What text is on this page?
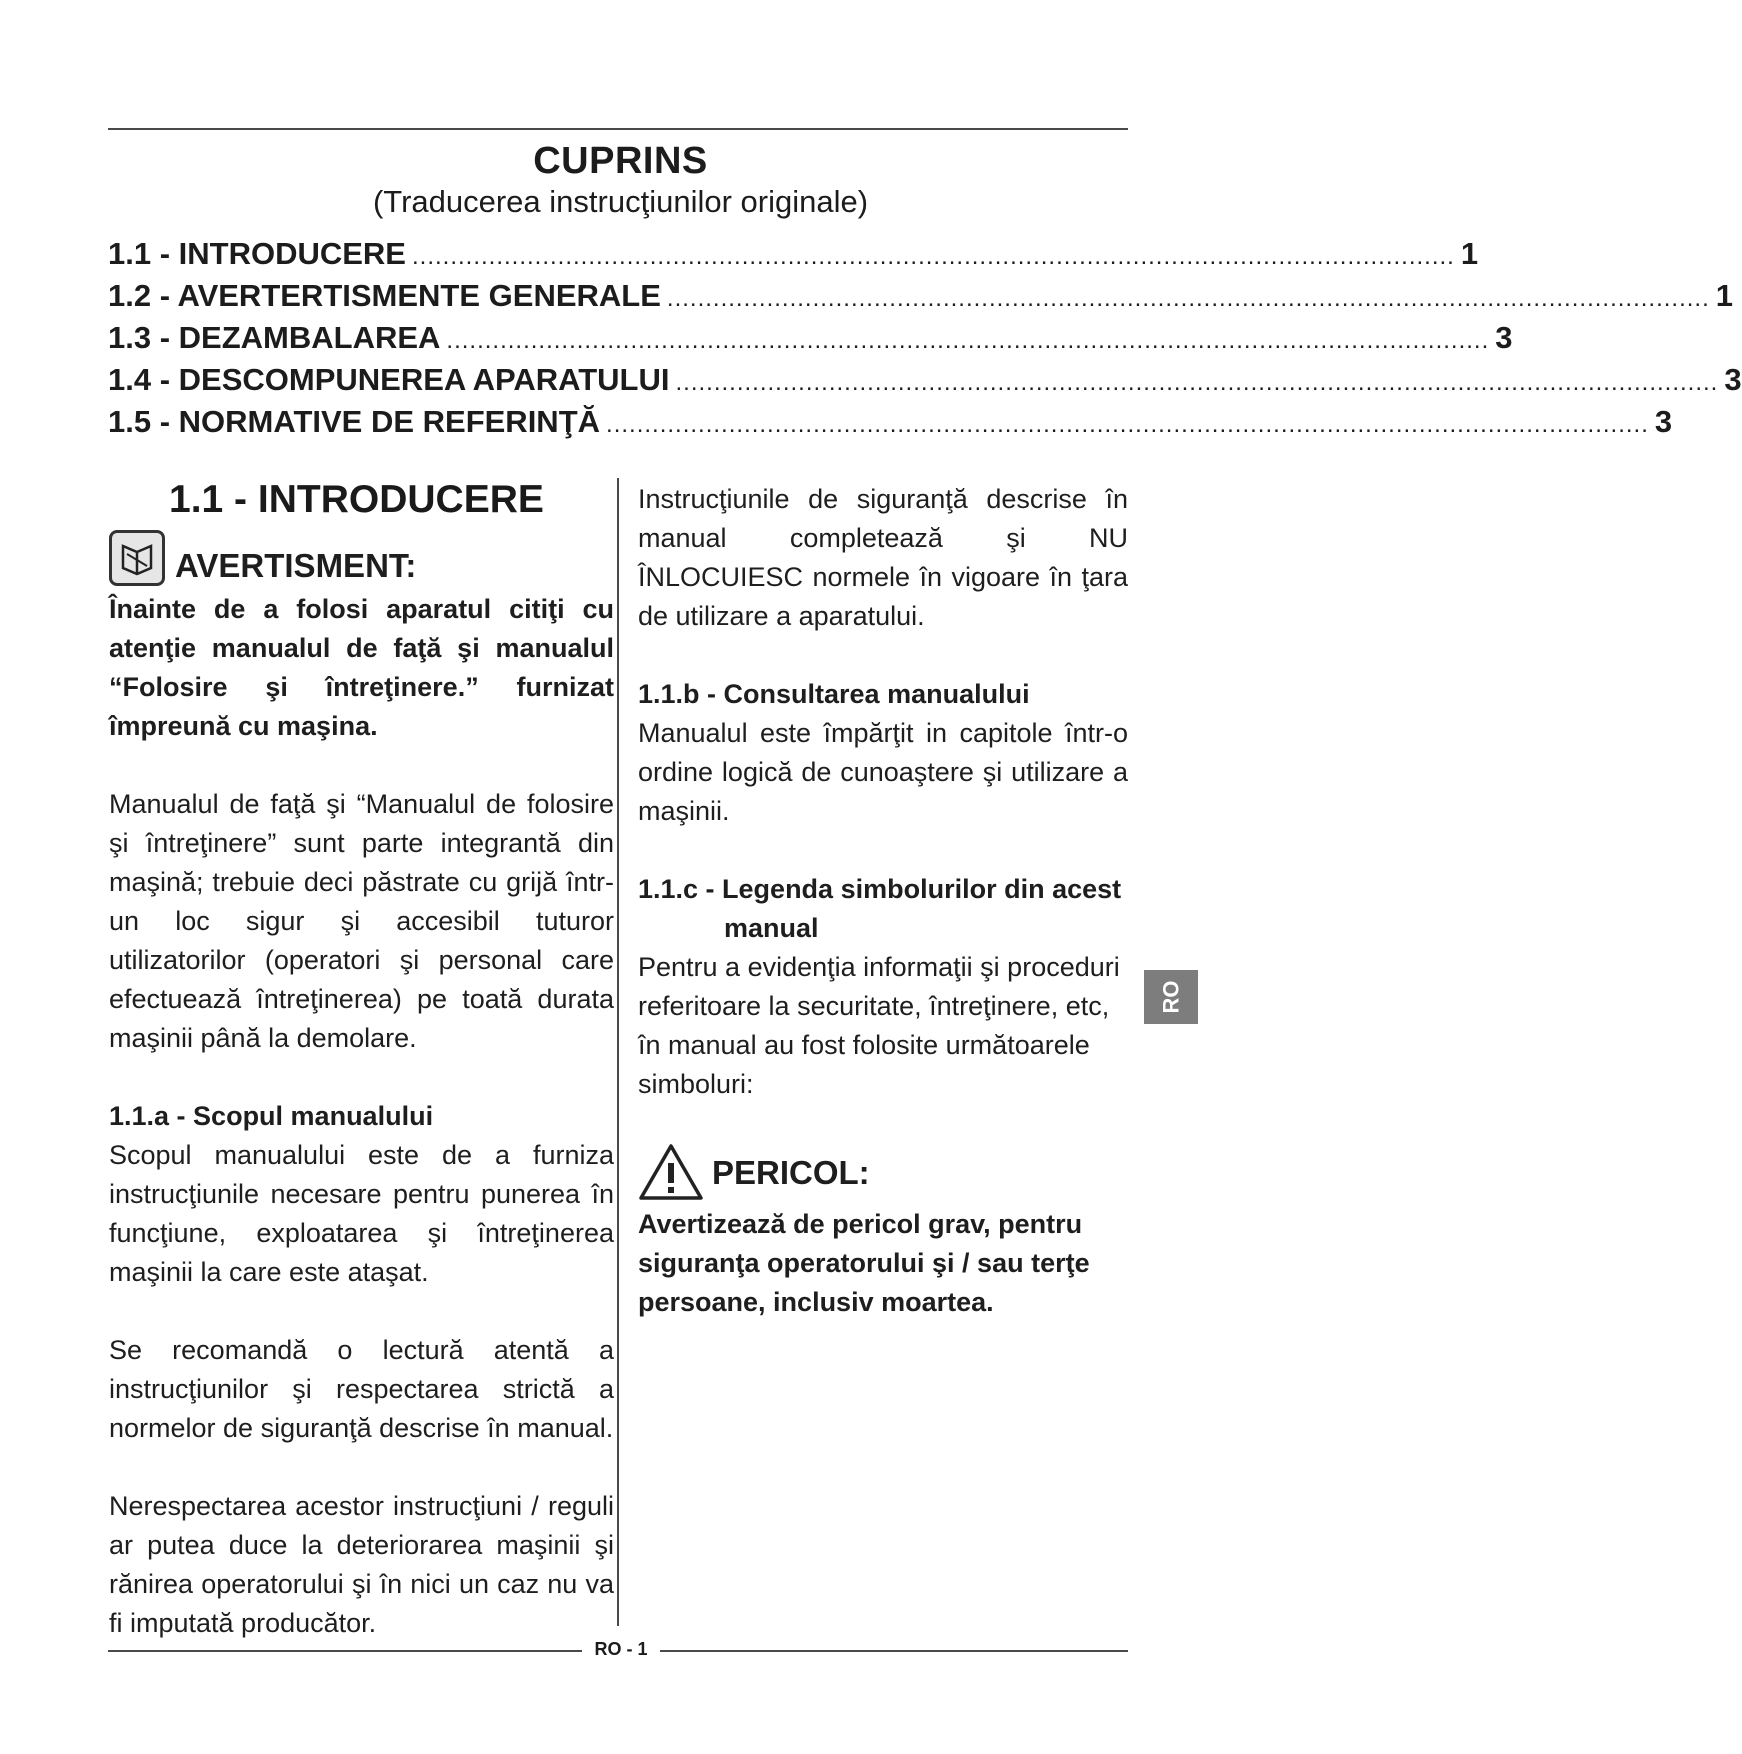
CUPRINS
(Traducerea instrucţiunilor originale)
1.1 - INTRODUCERE ........................................................................................................................................ 1
1.2 - AVERTERTISMENTE GENERALE ........................................................................................................................................ 1
1.3 - DEZAMBALAREA ........................................................................................................................................ 3
1.4 - DESCOMPUNEREA APARATULUI ........................................................................................................................................ 3
1.5 - NORMATIVE DE REFERINŢĂ ........................................................................................................................................ 3
1.1 - INTRODUCERE
AVERTISMENT:

Înainte de a folosi aparatul citiţi cu atenţie manualul de faţă şi manualul “Folosire şi întreţinere.” furnizat împreună cu maşina.

Manualul de faţă şi “Manualul de folosire şi întreţinere” sunt parte integrantă din maşină; trebuie deci păstrate cu grijă într-un loc sigur şi accesibil tuturor utilizatorilor (operatori şi personal care efectuează întreţinerea) pe toată durata maşinii până la demolare.

1.1.a - Scopul manualului

Scopul manualului este de a furniza instrucţiunile necesare pentru punerea în funcţiune, exploatarea şi întreţinerea maşinii la care este ataşat.

Se recomandă o lectură atentă a instrucţiunilor şi respectarea strictă a normelor de siguranţă descrise în manual.

Nerespectarea acestor instrucţiuni / reguli ar putea duce la deteriorarea maşinii şi rănirea operatorului şi în nici un caz nu va fi imputată producător.

Instrucţiunile de siguranţă descrise în manual completează şi NU ÎNLOCUIESC normele în vigoare în ţara de utilizare a aparatului.

1.1.b - Consultarea manualului

Manualul este împărţit in capitole într-o ordine logică de cunoaştere şi utilizare a maşinii.

1.1.c - Legenda simbolurilor din acest

manual

Pentru a evidenţia informaţii şi proceduri referitoare la securitate, întreţinere, etc, în manual au fost folosite următoarele simboluri:

PERICOL:

Avertizează de pericol grav, pentru siguranţa operatorului şi / sau terţe persoane, inclusiv moartea.

RO
RO - 1
